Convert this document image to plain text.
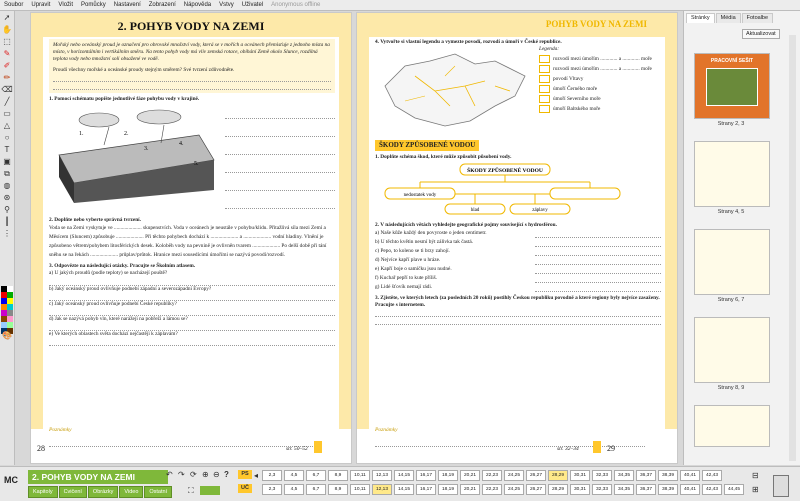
Soubor	Upravit	Vložit	Pomůcky	Nastavení	Zobrazení	Nápověda	Vstvy	Uživatel	Anonymous offline
➚
✋
⬚
✎
✐
✏
⌫
╱
▭
△
○
T
▣
⧉
◍
⊛
⚲
┃
⋮
🎨
2. POHYB VODY NA ZEMI
Mořský nebo oceánský proud je označení pro obrovské množství vody, která se v mořích a oceánech přemisťuje z jednoho místa na místo, v horizontálním i vertikálním směru. Na tento pohyb vody má vliv zemská rotace, obíhání Země okolo Slunce, rozdílná teplota vody nebo množství soli obsažené ve vodě.
Proudí všechny mořské a oceánské proudy stejným směrem? Své tvrzení zdůvodněte.
1. Pomocí schématu popište jednotlivé fáze pohybu vody v krajině.
1.	2.
3.
4.
5.
2. Doplňte nebo vyberte správná tvrzení.
Voda se na Zemi vyskytuje ve ..................... skupenstvích. Voda v oceánech je neustále v pohybu/klidu. Přitažlivá síla mezi Zemí a Měsícem (Sluncem) způsobuje ..................... Při těchto pohybech dochází k ..................... a ..................... vodní hladiny. Vlnění je způsobeno větrem/pohybem litosférických desek. Kolobĕh vody na pevnině je ovlivněn tvarem ..................... Po delší době při tání sněhu se na řekách ..................... průplav/průtok. Hranice mezi sousedícími úmořími se nazývá povodí/rozvodí.
3. Odpovězte na následující otázky. Pracujte se Školním atlasem.
a) U jakých proudů (podle teploty) se nacházejí pouště?
b) Jaký oceánský proud ovlivňuje podnebí západní a severozápadní Evropy?
c) Jaký oceánský proud ovlivňuje podnebí České republiky?
d) Jak se nazývá pohyb vln, které narážejí na pobřeží a lámou se?
e) Ve kterých oblastech světa dochází nejčastěji k záplavám?
Poznámky
28	str. 50–52
POHYB VODY NA ZEMI
4. Vytvořte si vlastní legendu a vymezte povodí, rozvodí a úmoří v České republice.
Legenda:
rozvodí mezi úmořím ............. a ............. moře
rozvodí mezi úmořím ............. a ............. moře
povodí Vltavy
úmoří Černého moře
úmoří Severního moře
úmoří Baltského moře
ŠKODY ZPŮSOBENÉ VODOU
1. Doplňte schéma škod, které může způsobit působení vody.
ŠKODY ZPŮSOBENÉ VODOU
nedostatek vody
hlad	záplavy
2. V následujících větách vyhledejte geografické pojmy související s hydrosférou.
a) Naše kůže každý den povyroste o jeden centimetr.
b) U těchto květin nesmí být zálivka tak častá.
c) Pepo, to koleno se ti brzy zahojí.
d) Nejvíce kapří plave u hráze.
e) Kapří boje o samičku jsou nudné.
f) Kuchař pepří to kute příliš.
g) Lidé šťovík nemají rádi.
3. Zjistěte, ve kterých letech (za posledních 20 roků) postihly Českou republiku povodně a které regiony byly nejvíce zasaženy. Pracujte s internetem.
Poznámky
str. 32–34	29
Stránky	Média	Fotoalbe
Aktualizovat
PRACOVNÍ SEŠIT
Strany 2, 3
Strany 4, 5
Strany 6, 7
Strany 8, 9
MC	2. POHYB VODY NA ZEMI
Kapitoly	Cvičení	Obrázky	Video	Ostatní
↶ ↷ ⟳ ⊕ ⊖ ?
⛶
PS
UČ
◂	2,3	4,5	6,7	8,9	10,11	12,13	14,15	16,17	18,19	20,21	22,23	24,25	26,27	28,29	30,31	32,33	34,35	36,37	38,39	40,41	42,43
2,3	4,5	6,7	8,9	10,11	12,13	14,15	16,17	18,19	20,21	22,23	24,25	26,27	28,29	30,31	32,33	34,35	36,37	38,39	40,41	42,43	44,45
⊟
⊞
